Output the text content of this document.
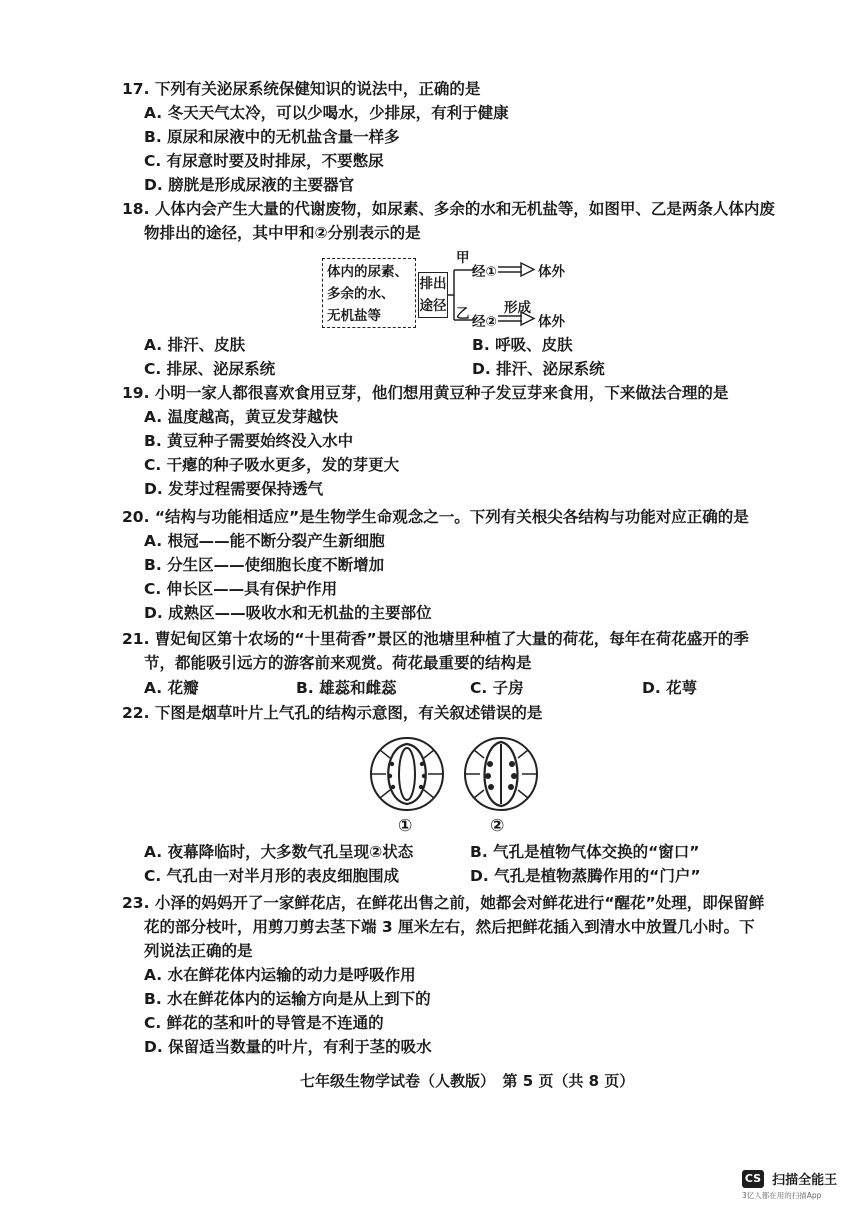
17. 下列有关泌尿系统保健知识的说法中，正确的是
A. 冬天天气太冷，可以少喝水，少排尿，有利于健康
B. 原尿和尿液中的无机盐含量一样多
C. 有尿意时要及时排尿，不要憋尿
D. 膀胱是形成尿液的主要器官
18. 人体内会产生大量的代谢废物，如尿素、多余的水和无机盐等，如图甲、乙是两条人体内废
物排出的途径，其中甲和②分别表示的是
体内的尿素、
多余的水、
无机盐等
排出
途径
甲
经①	体外
乙 经②
形成
体外
A. 排汗、皮肤	B. 呼吸、皮肤
C. 排尿、泌尿系统	D. 排汗、泌尿系统
19. 小明一家人都很喜欢食用豆芽，他们想用黄豆种子发豆芽来食用，下来做法合理的是
A. 温度越高，黄豆发芽越快
B. 黄豆种子需要始终没入水中
C. 干瘪的种子吸水更多，发的芽更大
D. 发芽过程需要保持透气
20. “结构与功能相适应”是生物学生命观念之一。下列有关根尖各结构与功能对应正确的是
A. 根冠——能不断分裂产生新细胞
B. 分生区——使细胞长度不断增加
C. 伸长区——具有保护作用
D. 成熟区——吸收水和无机盐的主要部位
21. 曹妃甸区第十农场的“十里荷香”景区的池塘里种植了大量的荷花，每年在荷花盛开的季
节，都能吸引远方的游客前来观赏。荷花最重要的结构是
A. 花瓣	B. 雄蕊和雌蕊	C. 子房	D. 花萼
22. 下图是烟草叶片上气孔的结构示意图，有关叙述错误的是
①	②
A. 夜幕降临时，大多数气孔呈现②状态	B. 气孔是植物气体交换的“窗口”
C. 气孔由一对半月形的表皮细胞围成	D. 气孔是植物蒸腾作用的“门户”
23. 小泽的妈妈开了一家鲜花店，在鲜花出售之前，她都会对鲜花进行“醒花”处理，即保留鲜
花的部分枝叶，用剪刀剪去茎下端 3 厘米左右，然后把鲜花插入到清水中放置几小时。下
列说法正确的是
A. 水在鲜花体内运输的动力是呼吸作用
B. 水在鲜花体内的运输方向是从上到下的
C. 鲜花的茎和叶的导管是不连通的
D. 保留适当数量的叶片，有利于茎的吸水
七年级生物学试卷（人教版）　第 5 页（共 8 页）
CS 扫描全能王
3亿人都在用的扫描App
